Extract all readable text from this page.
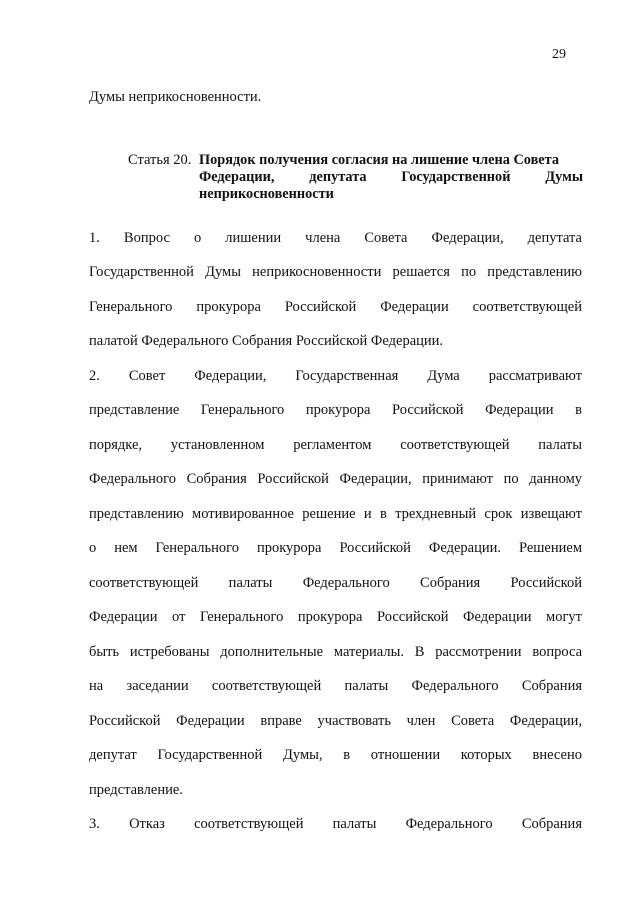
29
Думы неприкосновенности.
Статья 20. Порядок получения согласия на лишение члена Совета
Федерации, депутата Государственной Думы
неприкосновенности
1. Вопрос о лишении члена Совета Федерации, депутата
Государственной Думы неприкосновенности решается по представлению
Генерального прокурора Российской Федерации соответствующей
палатой Федерального Собрания Российской Федерации.
2. Совет Федерации, Государственная Дума рассматривают
представление Генерального прокурора Российской Федерации в
порядке, установленном регламентом соответствующей палаты
Федерального Собрания Российской Федерации, принимают по данному
представлению мотивированное решение и в трехдневный срок извещают
о нем Генерального прокурора Российской Федерации. Решением
соответствующей палаты Федерального Собрания Российской
Федерации от Генерального прокурора Российской Федерации могут
быть истребованы дополнительные материалы. В рассмотрении вопроса
на заседании соответствующей палаты Федерального Собрания
Российской Федерации вправе участвовать член Совета Федерации,
депутат Государственной Думы, в отношении которых внесено
представление.
3. Отказ соответствующей палаты Федерального Собрания
